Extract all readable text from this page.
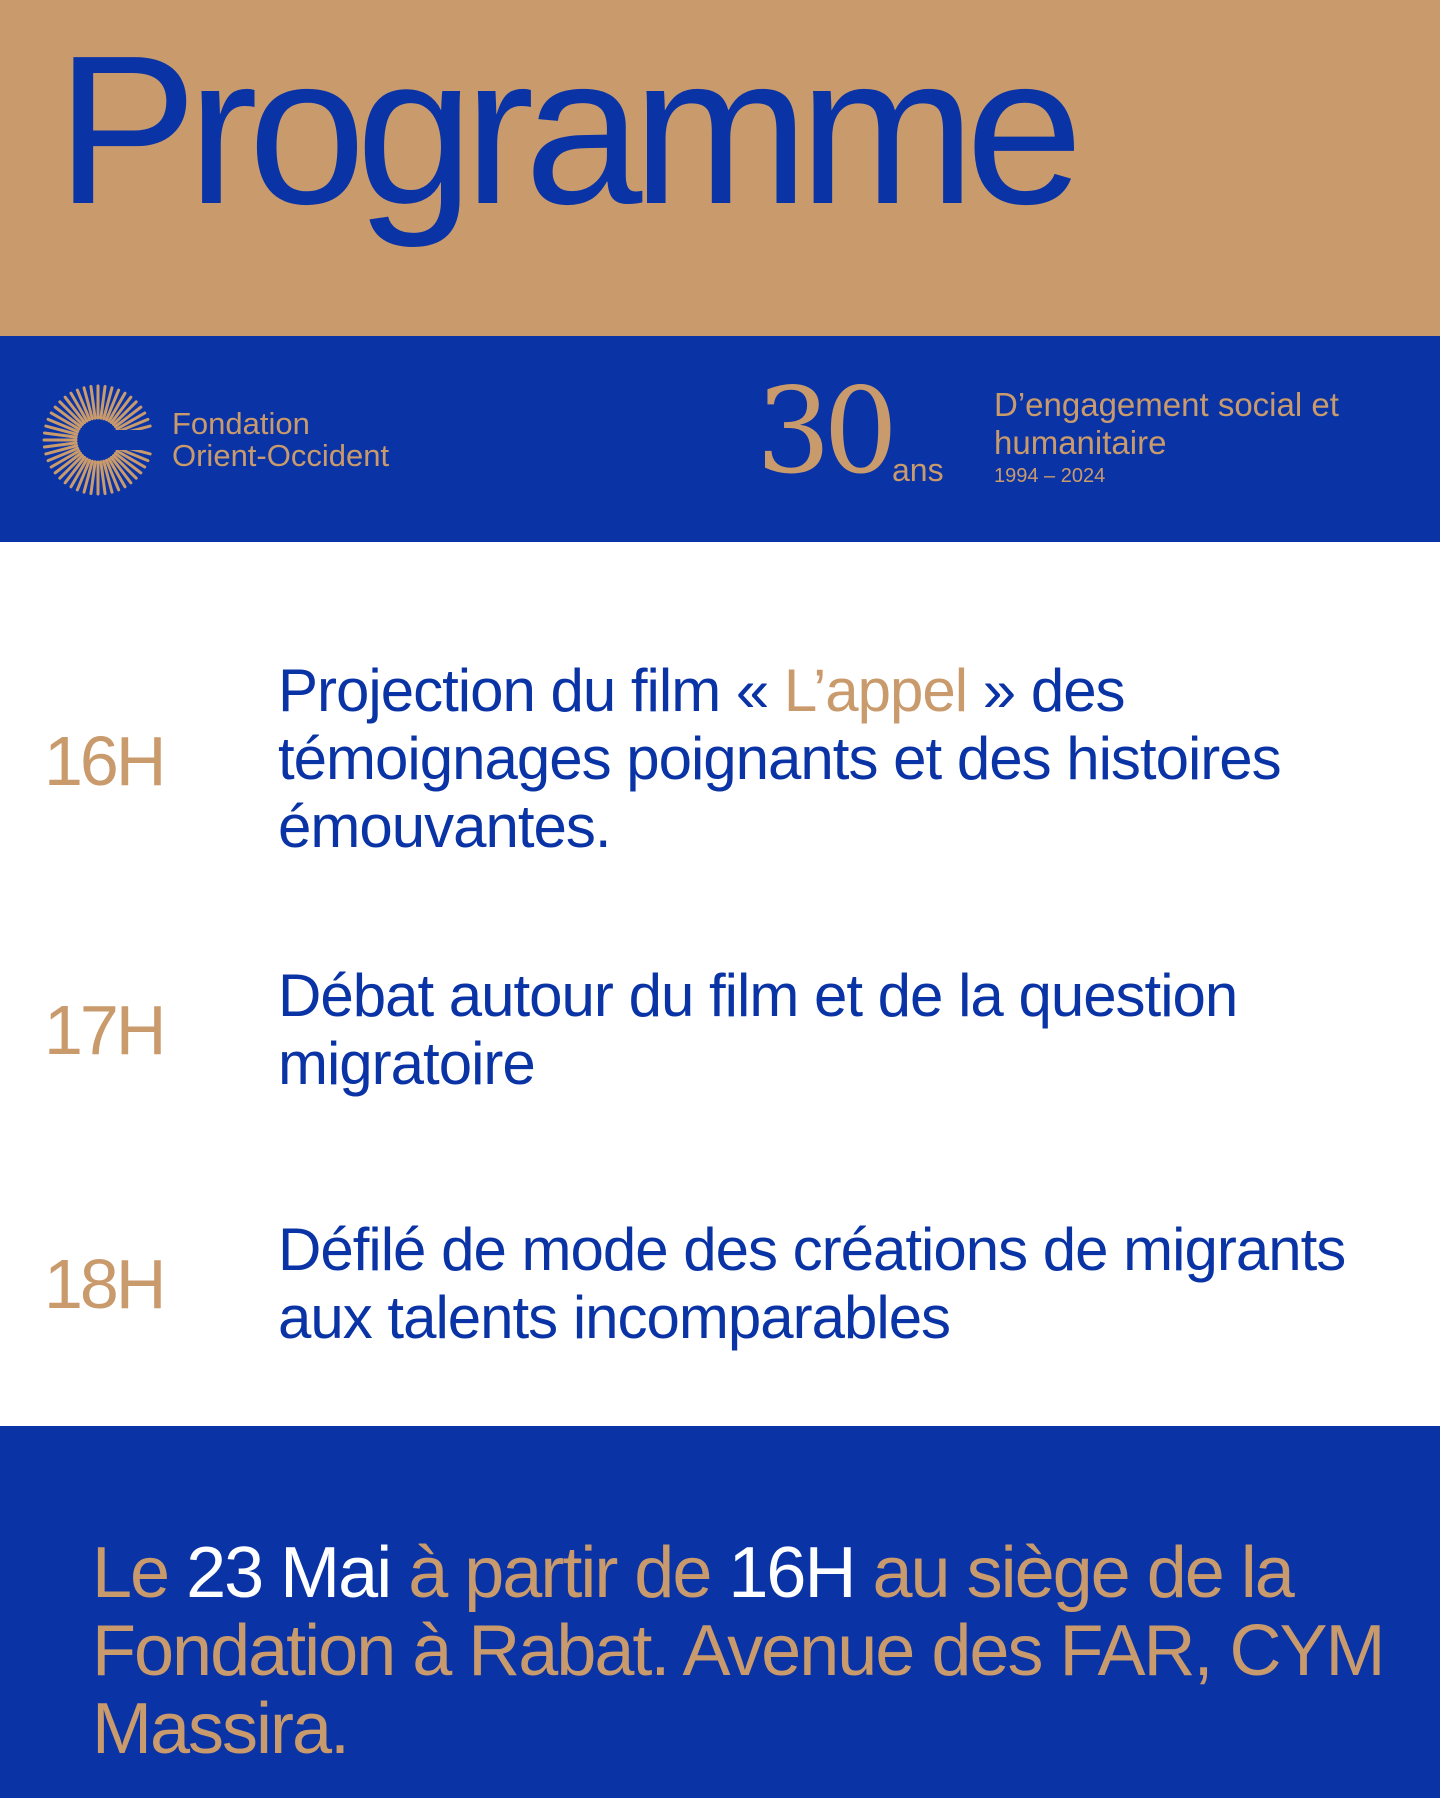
Programme
Fondation
Orient-Occident	30 ans
D’engagement social et humanitaire
1994 – 2024
16H
Projection du film « L’appel » des témoignages poignants et des histoires émouvantes.
17H Débat autour du film et de la question migratoire
18H Défilé de mode des créations de migrants aux talents incomparables
Le 23 Mai à partir de 16H au siège de la Fondation à Rabat. Avenue des FAR, CYM Massira.
